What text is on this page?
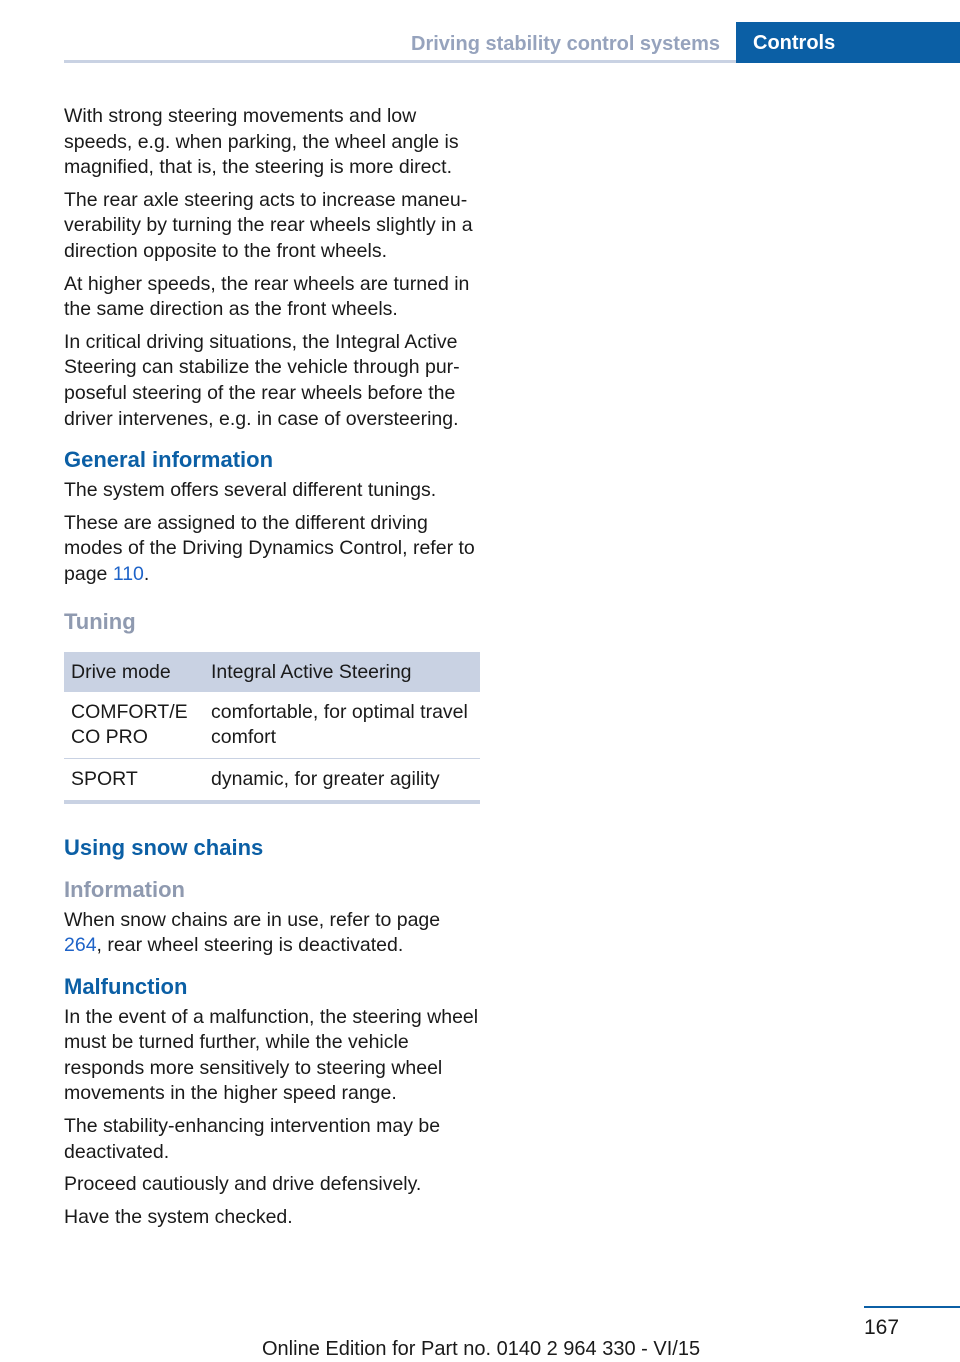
Driving stability control systems	Controls

With strong steering movements and low speeds, e.g. when parking, the wheel angle is magnified, that is, the steering is more direct.

The rear axle steering acts to increase maneuverability by turning the rear wheels slightly in a direction opposite to the front wheels.

At higher speeds, the rear wheels are turned in the same direction as the front wheels.

In critical driving situations, the Integral Active Steering can stabilize the vehicle through purposeful steering of the rear wheels before the driver intervenes, e.g. in case of oversteering.

General information

The system offers several different tunings.

These are assigned to the different driving modes of the Driving Dynamics Control, refer to page 110.

Tuning
Drive mode	Integral Active Steering
COMFORT/E CO PRO	comfortable, for optimal travel comfort
SPORT	dynamic, for greater agility
Using snow chains
Information

When snow chains are in use, refer to page 264, rear wheel steering is deactivated.

Malfunction

In the event of a malfunction, the steering wheel must be turned further, while the vehicle responds more sensitively to steering wheel movements in the higher speed range.

The stability-enhancing intervention may be deactivated.

Proceed cautiously and drive defensively.

Have the system checked.

167
Online Edition for Part no. 0140 2 964 330 - VI/15
